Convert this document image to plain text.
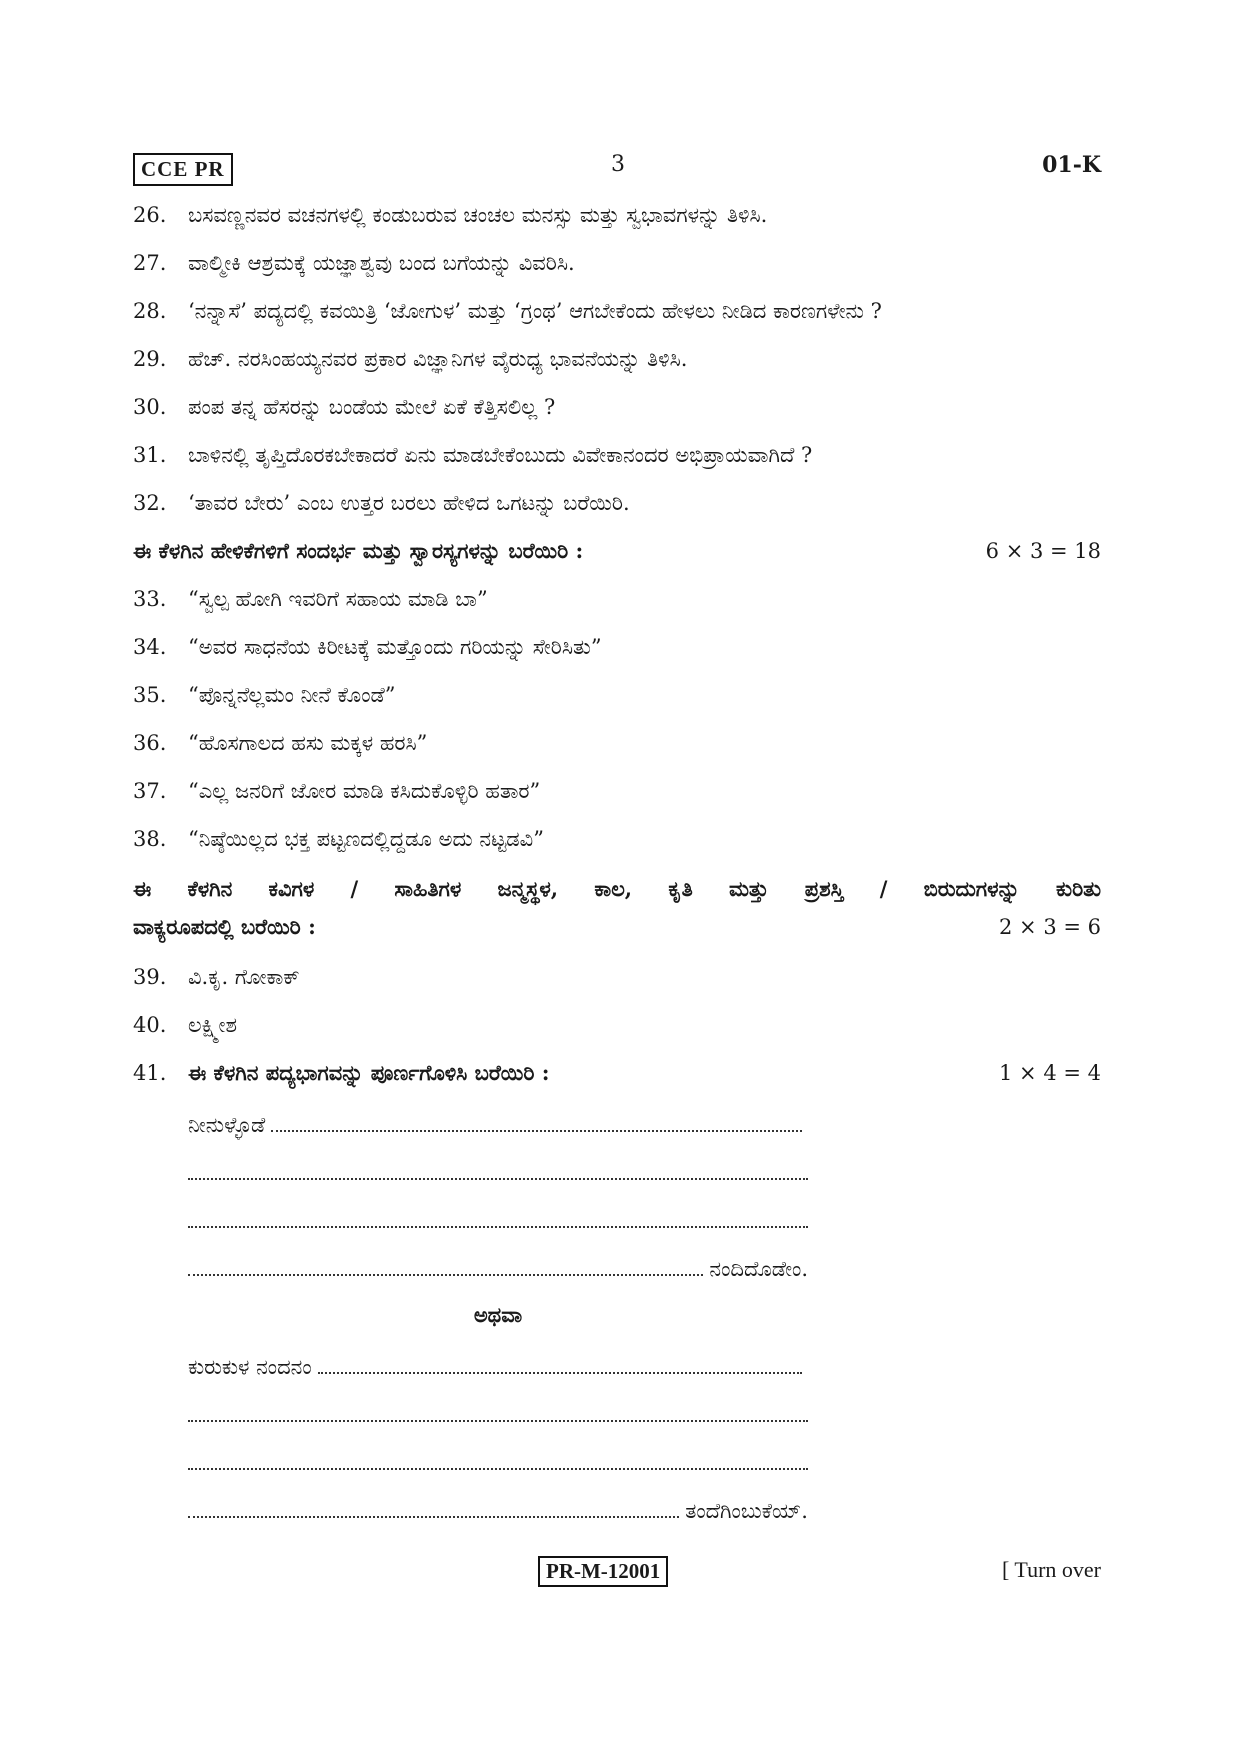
CCE PR	3	01-K
26.	ಬಸವಣ್ಣನವರ ವಚನಗಳಲ್ಲಿ ಕಂಡುಬರುವ ಚಂಚಲ ಮನಸ್ಸು ಮತ್ತು ಸ್ವಭಾವಗಳನ್ನು ತಿಳಿಸಿ.
27.	ವಾಲ್ಮೀಕಿ ಆಶ್ರಮಕ್ಕೆ ಯಜ್ಞಾಶ್ವವು ಬಂದ ಬಗೆಯನ್ನು ವಿವರಿಸಿ.
28.	‘ನನ್ನಾಸೆ’ ಪದ್ಯದಲ್ಲಿ ಕವಯಿತ್ರಿ ‘ಜೋಗುಳ’ ಮತ್ತು ‘ಗ್ರಂಥ’ ಆಗಬೇಕೆಂದು ಹೇಳಲು ನೀಡಿದ ಕಾರಣಗಳೇನು ?
29.	ಹೆಚ್. ನರಸಿಂಹಯ್ಯನವರ ಪ್ರಕಾರ ವಿಜ್ಞಾನಿಗಳ ವೈರುಧ್ಯ ಭಾವನೆಯನ್ನು ತಿಳಿಸಿ.
30.	ಪಂಪ ತನ್ನ ಹೆಸರನ್ನು ಬಂಡೆಯ ಮೇಲೆ ಏಕೆ ಕೆತ್ತಿಸಲಿಲ್ಲ ?
31.	ಬಾಳಿನಲ್ಲಿ ತೃಪ್ತಿದೊರಕಬೇಕಾದರೆ ಏನು ಮಾಡಬೇಕೆಂಬುದು ವಿವೇಕಾನಂದರ ಅಭಿಪ್ರಾಯವಾಗಿದೆ ?
32.	‘ತಾವರ ಬೇರು’ ಎಂಬ ಉತ್ತರ ಬರಲು ಹೇಳಿದ ಒಗಟನ್ನು ಬರೆಯಿರಿ.
ಈ ಕೆಳಗಿನ ಹೇಳಿಕೆಗಳಿಗೆ ಸಂದರ್ಭ ಮತ್ತು ಸ್ವಾರಸ್ಯಗಳನ್ನು ಬರೆಯಿರಿ :	6 × 3 = 18
33.	“ಸ್ವಲ್ಪ ಹೋಗಿ ಇವರಿಗೆ ಸಹಾಯ ಮಾಡಿ ಬಾ”
34.	“ಅವರ ಸಾಧನೆಯ ಕಿರೀಟಕ್ಕೆ ಮತ್ತೊಂದು ಗರಿಯನ್ನು ಸೇರಿಸಿತು”
35.	“ಪೊನ್ನನೆಲ್ಲಮಂ ನೀನೆ ಕೊಂಡೆ”
36.	“ಹೊಸಗಾಲದ ಹಸು ಮಕ್ಕಳ ಹರಸಿ”
37.	“ಎಲ್ಲ ಜನರಿಗೆ ಜೋರ ಮಾಡಿ ಕಸಿದುಕೊಳ್ಳಿರಿ ಹತಾರ”
38.	“ನಿಷ್ಠೆಯಿಲ್ಲದ ಭಕ್ತ ಪಟ್ಟಣದಲ್ಲಿದ್ದಡೂ ಅದು ನಟ್ಟಡವಿ”
ಈ ಕೆಳಗಿನ ಕವಿಗಳ / ಸಾಹಿತಿಗಳ ಜನ್ಮಸ್ಥಳ, ಕಾಲ, ಕೃತಿ ಮತ್ತು ಪ್ರಶಸ್ತಿ / ಬಿರುದುಗಳನ್ನು ಕುರಿತು
ವಾಕ್ಯರೂಪದಲ್ಲಿ ಬರೆಯಿರಿ :	2 × 3 = 6
39.	ವಿ.ಕೃ. ಗೋಕಾಕ್
40.	ಲಕ್ಷ್ಮೀಶ
41.	ಈ ಕೆಳಗಿನ ಪದ್ಯಭಾಗವನ್ನು ಪೂರ್ಣಗೊಳಿಸಿ ಬರೆಯಿರಿ :	1 × 4 = 4
ನೀನುಳ್ಳೊಡೆ
ನಂದಿದೊಡೇಂ.
ಅಥವಾ
ಕುರುಕುಳ ನಂದನಂ
ತಂದೆಗಿಂಬುಕೆಯ್.
PR-M-12001	[ Turn over
